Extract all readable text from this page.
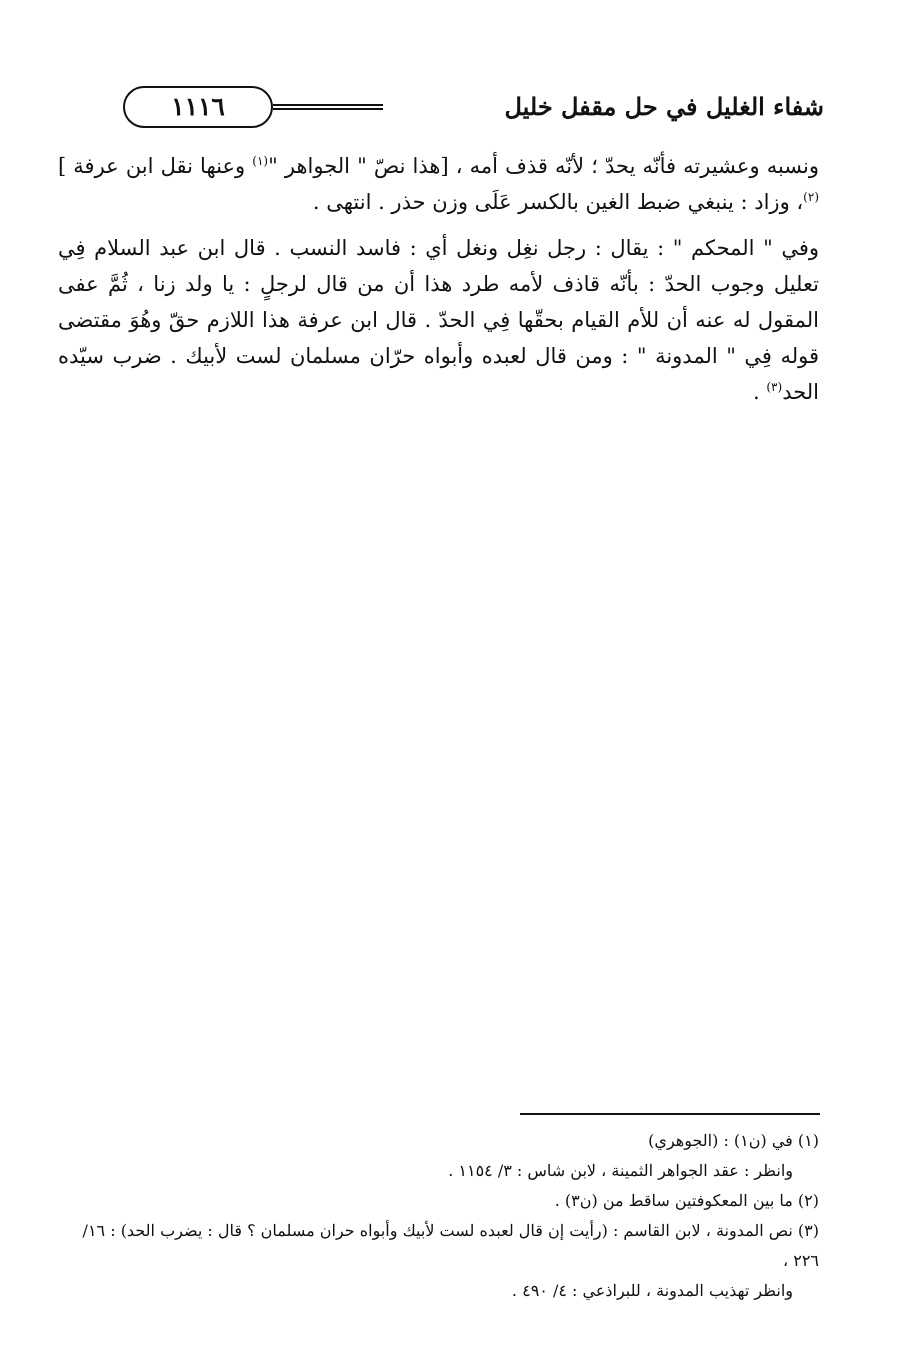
١١١٦	شفاء الغليل في حل مقفل خليل

ونسبه وعشيرته فأنّه يحدّ ؛ لأنّه قذف أمه ، [هذا نصّ " الجواهر "$^{(١)}$ وعنها نقل ابن عرفة ]$^{(٢)}$، وزاد : ينبغي ضبط الغين بالكسر عَلَى وزن حذر . انتهى .

وفي " المحكم " : يقال : رجل نغِل ونغل أي : فاسد النسب . قال ابن عبد السلام فِي تعليل وجوب الحدّ : بأنّه قاذف لأمه طرد هذا أن من قال لرجلٍ : يا ولد زنا ، ثُمَّ عفى المقول له عنه أن للأم القيام بحقّها فِي الحدّ . قال ابن عرفة هذا اللازم حقّ وهُوَ مقتضى قوله فِي " المدونة " : ومن قال لعبده وأبواه حرّان مسلمان لست لأبيك . ضرب سيّده الحد$^{(٣)}$ .

(١) في (ن١) : (الجوهري)

وانظر : عقد الجواهر الثمينة ، لابن شاس : ٣/ ١١٥٤ .

(٢) ما بين المعكوفتين ساقط من (ن٣) .

(٣) نص المدونة ، لابن القاسم : (رأيت إن قال لعبده لست لأبيك وأبواه حران مسلمان ؟ قال : يضرب الحد) : ١٦/ ٢٢٦ ،

وانظر تهذيب المدونة ، للبراذعي : ٤/ ٤٩٠ .
